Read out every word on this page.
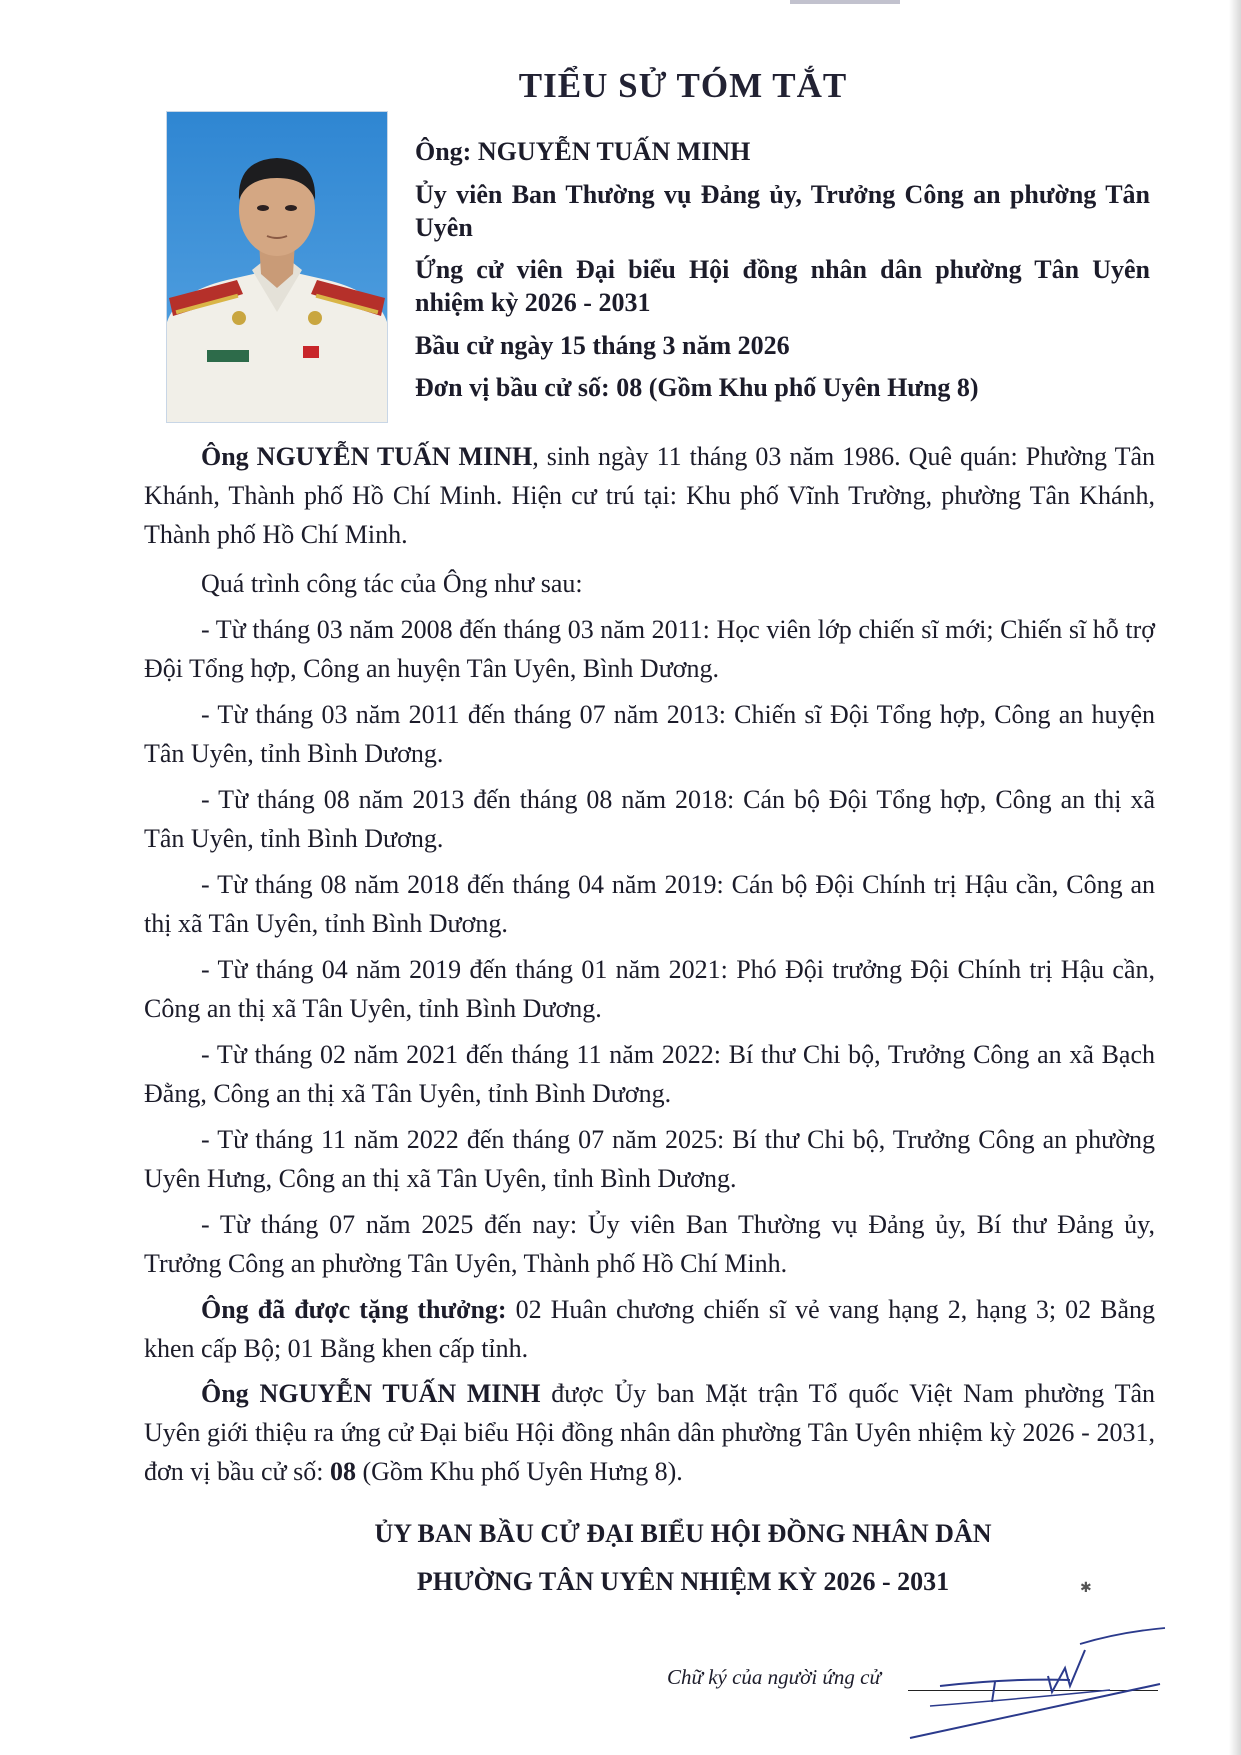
TIỂU SỬ TÓM TẮT

Ông: NGUYỄN TUẤN MINH

Ủy viên Ban Thường vụ Đảng ủy, Trưởng Công an phường Tân Uyên

Ứng cử viên Đại biểu Hội đồng nhân dân phường Tân Uyên nhiệm kỳ 2026 - 2031

Bầu cử ngày 15 tháng 3 năm 2026

Đơn vị bầu cử số: 08 (Gồm Khu phố Uyên Hưng 8)

Ông NGUYỄN TUẤN MINH, sinh ngày 11 tháng 03 năm 1986. Quê quán: Phường Tân Khánh, Thành phố Hồ Chí Minh. Hiện cư trú tại: Khu phố Vĩnh Trường, phường Tân Khánh, Thành phố Hồ Chí Minh.

Quá trình công tác của Ông như sau:

- Từ tháng 03 năm 2008 đến tháng 03 năm 2011: Học viên lớp chiến sĩ mới; Chiến sĩ hỗ trợ Đội Tổng hợp, Công an huyện Tân Uyên, Bình Dương.

- Từ tháng 03 năm 2011 đến tháng 07 năm 2013: Chiến sĩ Đội Tổng hợp, Công an huyện Tân Uyên, tỉnh Bình Dương.

- Từ tháng 08 năm 2013 đến tháng 08 năm 2018: Cán bộ Đội Tổng hợp, Công an thị xã Tân Uyên, tỉnh Bình Dương.

- Từ tháng 08 năm 2018 đến tháng 04 năm 2019: Cán bộ Đội Chính trị Hậu cần, Công an thị xã Tân Uyên, tỉnh Bình Dương.

- Từ tháng 04 năm 2019 đến tháng 01 năm 2021: Phó Đội trưởng Đội Chính trị Hậu cần, Công an thị xã Tân Uyên, tỉnh Bình Dương.

- Từ tháng 02 năm 2021 đến tháng 11 năm 2022: Bí thư Chi bộ, Trưởng Công an xã Bạch Đằng, Công an thị xã Tân Uyên, tỉnh Bình Dương.

- Từ tháng 11 năm 2022 đến tháng 07 năm 2025: Bí thư Chi bộ, Trưởng Công an phường Uyên Hưng, Công an thị xã Tân Uyên, tỉnh Bình Dương.

- Từ tháng 07 năm 2025 đến nay: Ủy viên Ban Thường vụ Đảng ủy, Bí thư Đảng ủy, Trưởng Công an phường Tân Uyên, Thành phố Hồ Chí Minh.

Ông đã được tặng thưởng: 02 Huân chương chiến sĩ vẻ vang hạng 2, hạng 3; 02 Bằng khen cấp Bộ; 01 Bằng khen cấp tỉnh.

Ông NGUYỄN TUẤN MINH được Ủy ban Mặt trận Tổ quốc Việt Nam phường Tân Uyên giới thiệu ra ứng cử Đại biểu Hội đồng nhân dân phường Tân Uyên nhiệm kỳ 2026 - 2031, đơn vị bầu cử số: 08 (Gồm Khu phố Uyên Hưng 8).

ỦY BAN BẦU CỬ ĐẠI BIỂU HỘI ĐỒNG NHÂN DÂN

PHƯỜNG TÂN UYÊN NHIỆM KỲ 2026 - 2031	✱
Chữ ký của người ứng cử
